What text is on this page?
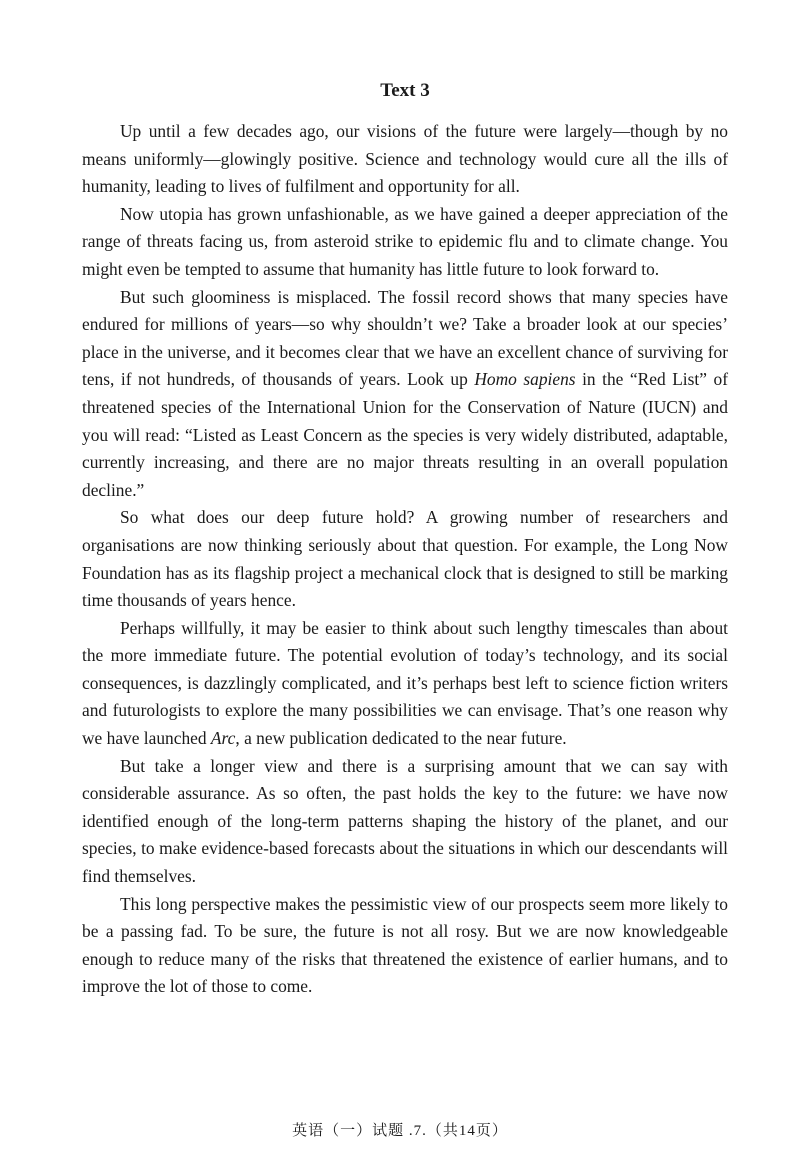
Text 3

Up until a few decades ago, our visions of the future were largely—though by no means uniformly—glowingly positive. Science and technology would cure all the ills of humanity, leading to lives of fulfilment and opportunity for all.

Now utopia has grown unfashionable, as we have gained a deeper appreciation of the range of threats facing us, from asteroid strike to epidemic flu and to climate change. You might even be tempted to assume that humanity has little future to look forward to.

But such gloominess is misplaced. The fossil record shows that many species have endured for millions of years—so why shouldn’t we? Take a broader look at our species’ place in the universe, and it becomes clear that we have an excellent chance of surviving for tens, if not hundreds, of thousands of years. Look up Homo sapiens in the “Red List” of threatened species of the International Union for the Conservation of Nature (IUCN) and you will read: “Listed as Least Concern as the species is very widely distributed, adaptable, currently increasing, and there are no major threats resulting in an overall population decline.”

So what does our deep future hold? A growing number of researchers and organisations are now thinking seriously about that question. For example, the Long Now Foundation has as its flagship project a mechanical clock that is designed to still be marking time thousands of years hence.

Perhaps willfully, it may be easier to think about such lengthy timescales than about the more immediate future. The potential evolution of today’s technology, and its social consequences, is dazzlingly complicated, and it’s perhaps best left to science fiction writers and futurologists to explore the many possibilities we can envisage. That’s one reason why we have launched Arc, a new publication dedicated to the near future.

But take a longer view and there is a surprising amount that we can say with considerable assurance. As so often, the past holds the key to the future: we have now identified enough of the long-term patterns shaping the history of the planet, and our species, to make evidence-based forecasts about the situations in which our descendants will find themselves.

This long perspective makes the pessimistic view of our prospects seem more likely to be a passing fad. To be sure, the future is not all rosy. But we are now knowledgeable enough to reduce many of the risks that threatened the existence of earlier humans, and to improve the lot of those to come.

英语（一）试题 .7.（共14页）
